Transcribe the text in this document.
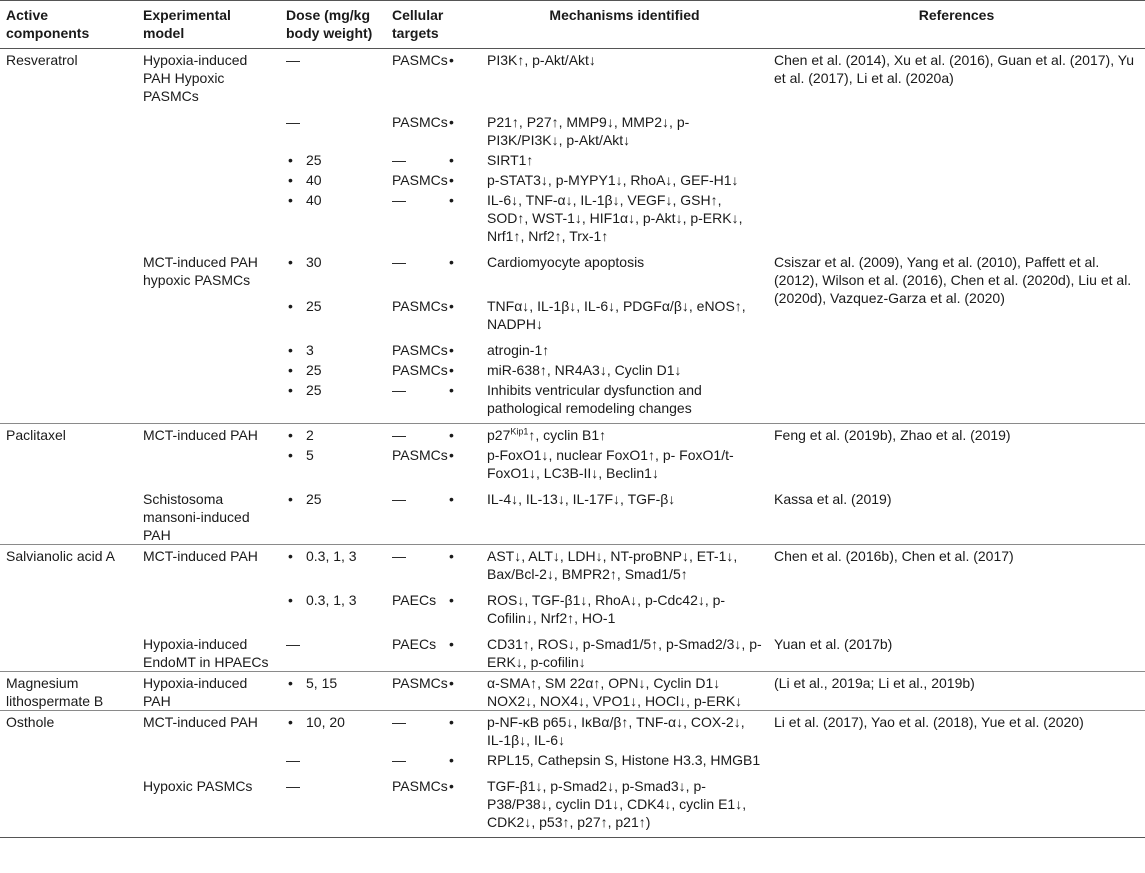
Active components	Experimental model	Dose (mg/kg body weight)	Cellular targets	Mechanisms identified	References
Resveratrol	Hypoxia-induced PAH Hypoxic PASMCs	—	PASMCs	•PI3K↑, p-Akt/Akt↓	Chen et al. (2014), Xu et al. (2016), Guan et al. (2017), Yu et al. (2017), Li et al. (2020a)
		—	PASMCs	•P21↑, P27↑, MMP9↓, MMP2↓, p-PI3K/PI3K↓, p-Akt/Akt↓
		• 25	—	•SIRT1↑
		• 40	PASMCs	•p-STAT3↓, p-MYPY1↓, RhoA↓, GEF-H1↓
		• 40	—	•IL-6↓, TNF-α↓, IL-1β↓, VEGF↓, GSH↑, SOD↑, WST-1↓, HIF1α↓, p-Akt↓, p-ERK↓, Nrf1↑, Nrf2↑, Trx-1↑
	MCT-induced PAH hypoxic PASMCs	• 30	—	•Cardiomyocyte apoptosis	Csiszar et al. (2009), Yang et al. (2010), Paffett et al. (2012), Wilson et al. (2016), Chen et al. (2020d), Liu et al. (2020d), Vazquez-Garza et al. (2020)
		• 25	PASMCs	•TNFα↓, IL-1β↓, IL-6↓, PDGFα/β↓, eNOS↑, NADPH↓
		• 3	PASMCs	•atrogin-1↑
		• 25	PASMCs	•miR-638↑, NR4A3↓, Cyclin D1↓
		• 25	—	•Inhibits ventricular dysfunction and pathological remodeling changes
Paclitaxel	MCT-induced PAH	•2	—	$•p27^{Kip1}↑$, cyclin B1↑	Feng et al. (2019b), Zhao et al. (2019)
		• 5	PASMCs	•p-FoxO1↓, nuclear FoxO1↑, p- FoxO1/t-FoxO1↓, LC3B-II↓, Beclin1↓
	Schistosoma mansoni-induced PAH	• 25	—	•IL-4↓, IL-13↓, IL-17F↓, TGF-β↓	Kassa et al. (2019)
Salvianolic acid A	MCT-induced PAH	•0.3, 1, 3	—	•AST↓, ALT↓, LDH↓, NT-proBNP↓, ET-1↓, Bax/Bcl-2↓, BMPR2↑, Smad1/5↑	Chen et al. (2016b), Chen et al. (2017)
		• 0.3, 1, 3	PAECs	•ROS↓, TGF-β1↓, RhoA↓, p-Cdc42↓, p-Cofilin↓, Nrf2↑, HO-1
	Hypoxia-induced EndoMT in HPAECs	—	PAECs	•CD31↑, ROS↓, p-Smad1/5↑, p-Smad2/3↓, p-ERK↓, p-cofilin↓	Yuan et al. (2017b)
Magnesium lithospermate B	Hypoxia-induced PAH	• 5, 15	PASMCs	•α-SMA↑, SM 22α↑, OPN↓, Cyclin D1↓ NOX2↓, NOX4↓, VPO1↓, HOCl↓, p-ERK↓	(Li et al., 2019a; Li et al., 2019b)
Osthole	MCT-induced PAH	•10, 20	—	•p-NF-κB p65↓, IκBα/β↑, TNF-α↓, COX-2↓, IL-1β↓, IL-6↓	Li et al. (2017), Yao et al. (2018), Yue et al. (2020)
		—	—	•RPL15, Cathepsin S, Histone H3.3, HMGB1
	Hypoxic PASMCs	—	PASMCs	•TGF-β1↓, p-Smad2↓, p-Smad3↓, p-P38/P38↓, cyclin D1↓, CDK4↓, cyclin E1↓, CDK2↓, p53↑, p27↑, p21↑)	
